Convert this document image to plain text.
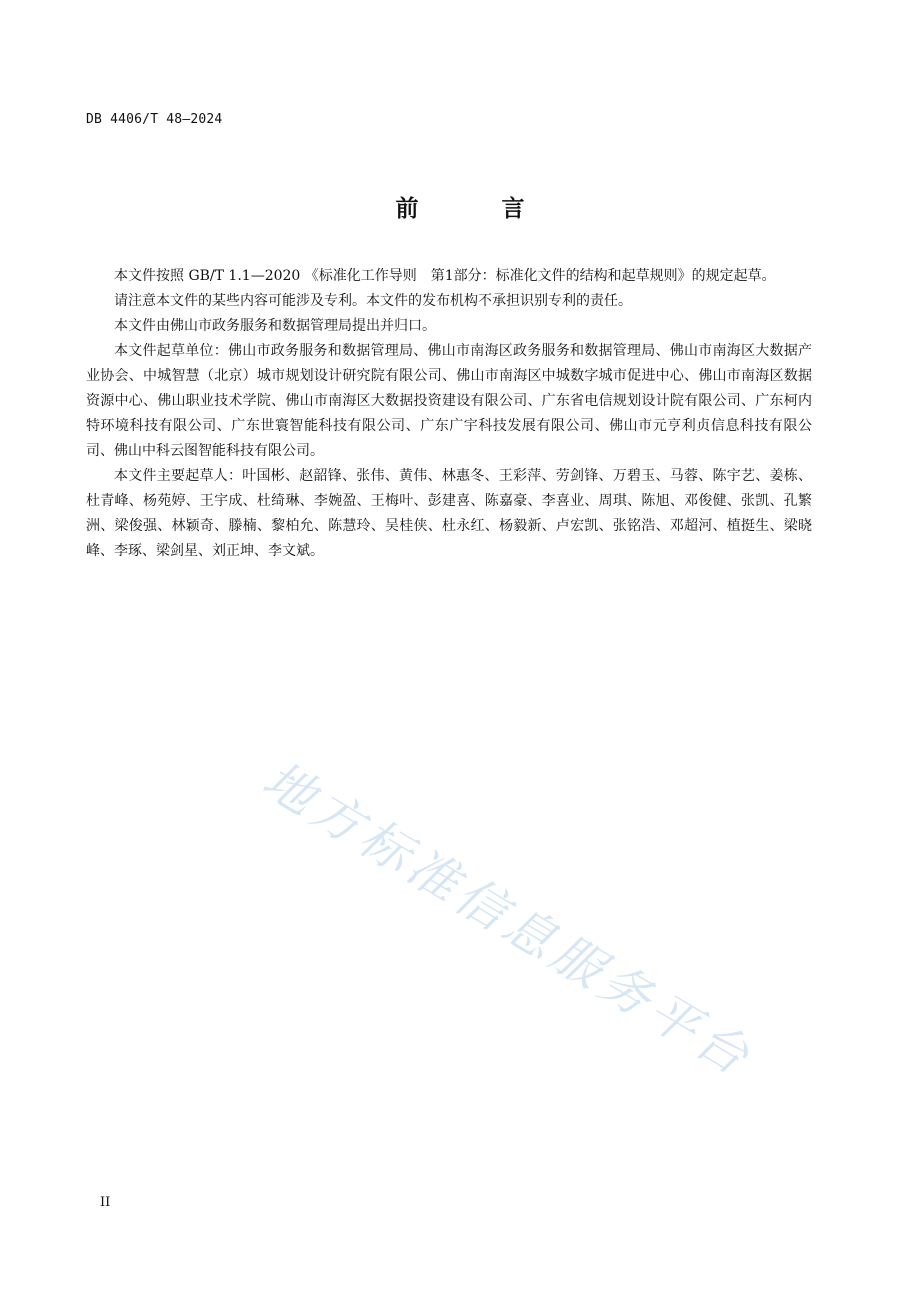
DB 4406/T 48—2024
前　言

本文件按照 GB/T 1.1—2020 《标准化工作导则　第1部分：标准化文件的结构和起草规则》的规定起草。

请注意本文件的某些内容可能涉及专利。本文件的发布机构不承担识别专利的责任。

本文件由佛山市政务服务和数据管理局提出并归口。

本文件起草单位：佛山市政务服务和数据管理局、佛山市南海区政务服务和数据管理局、佛山市南海区大数据产业协会、中城智慧（北京）城市规划设计研究院有限公司、佛山市南海区中城数字城市促进中心、佛山市南海区数据资源中心、佛山职业技术学院、佛山市南海区大数据投资建设有限公司、广东省电信规划设计院有限公司、广东柯内特环境科技有限公司、广东世寰智能科技有限公司、广东广宇科技发展有限公司、佛山市元亨利贞信息科技有限公司、佛山中科云图智能科技有限公司。

本文件主要起草人：叶国彬、赵韶锋、张伟、黄伟、林惠冬、王彩萍、劳剑锋、万碧玉、马蓉、陈宇艺、姜栋、杜青峰、杨苑婷、王宇成、杜绮琳、李婉盈、王梅叶、彭建喜、陈嘉豪、李喜业、周琪、陈旭、邓俊健、张凯、孔繁洲、梁俊强、林颖奇、滕楠、黎柏允、陈慧玲、吴桂侠、杜永红、杨毅新、卢宏凯、张铭浩、邓超河、植挺生、梁晓峰、李琢、梁剑星、刘正坤、李文斌。

地方标准信息服务平台
II
